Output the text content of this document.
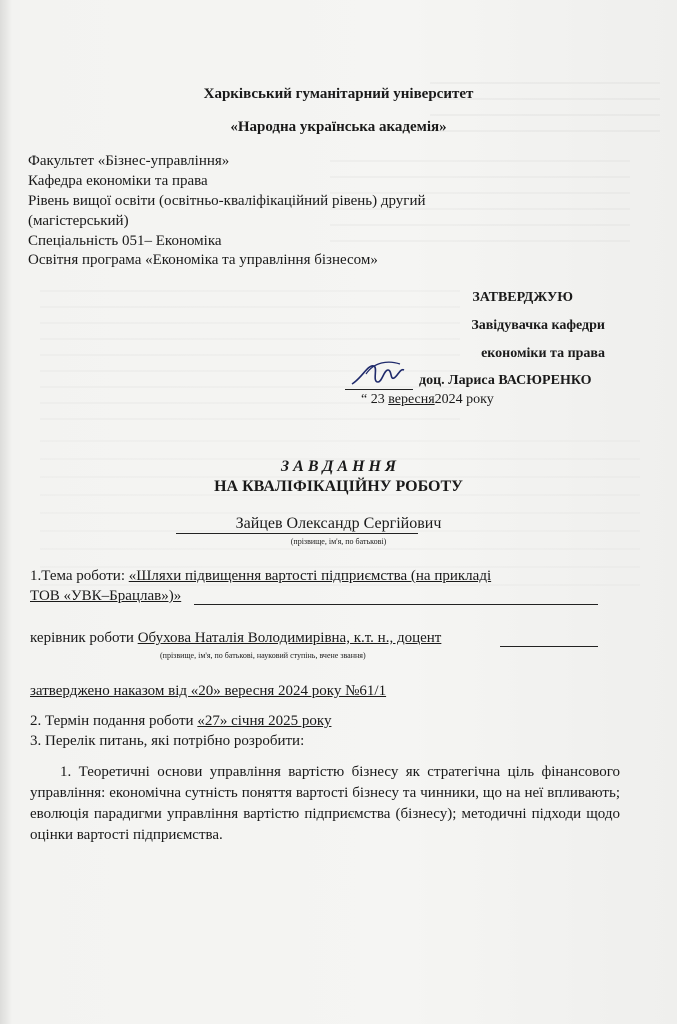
Харківський гуманітарний університет
«Народна українська академія»
Факультет «Бізнес-управління»
Кафедра економіки та права
Рівень вищої освіти (освітньо-кваліфікаційний рівень) другий
(магістерський)
Спеціальність 051– Економіка
Освітня програма «Економіка та управління бізнесом»
ЗАТВЕРДЖУЮ
Завідувачка кафедри
економіки та права
доц. Лариса ВАСЮРЕНКО
“ 23 вересня2024 року
З А В Д А Н Н Я
НА КВАЛІФІКАЦІЙНУ РОБОТУ
Зайцев Олександр Сергійович
(прізвище, ім'я, по батькові)
1.Тема роботи: «Шляхи підвищення вартості підприємства (на прикладі
ТОВ «УВК–Брацлав»)»
керівник роботи Обухова Наталія Володимирівна, к.т. н., доцент
(прізвище, ім'я, по батькові, науковий ступінь, вчене звання)
затверджено наказом від «20» вересня 2024 року №61/1
2. Термін подання роботи «27» січня 2025 року
3. Перелік питань, які потрібно розробити:
1. Теоретичні основи управління вартістю бізнесу як стратегічна ціль фінансового управління: економічна сутність поняття вартості бізнесу та чинники, що на неї впливають; еволюція парадигми управління вартістю підприємства (бізнесу); методичні підходи щодо оцінки вартості підприємства.
